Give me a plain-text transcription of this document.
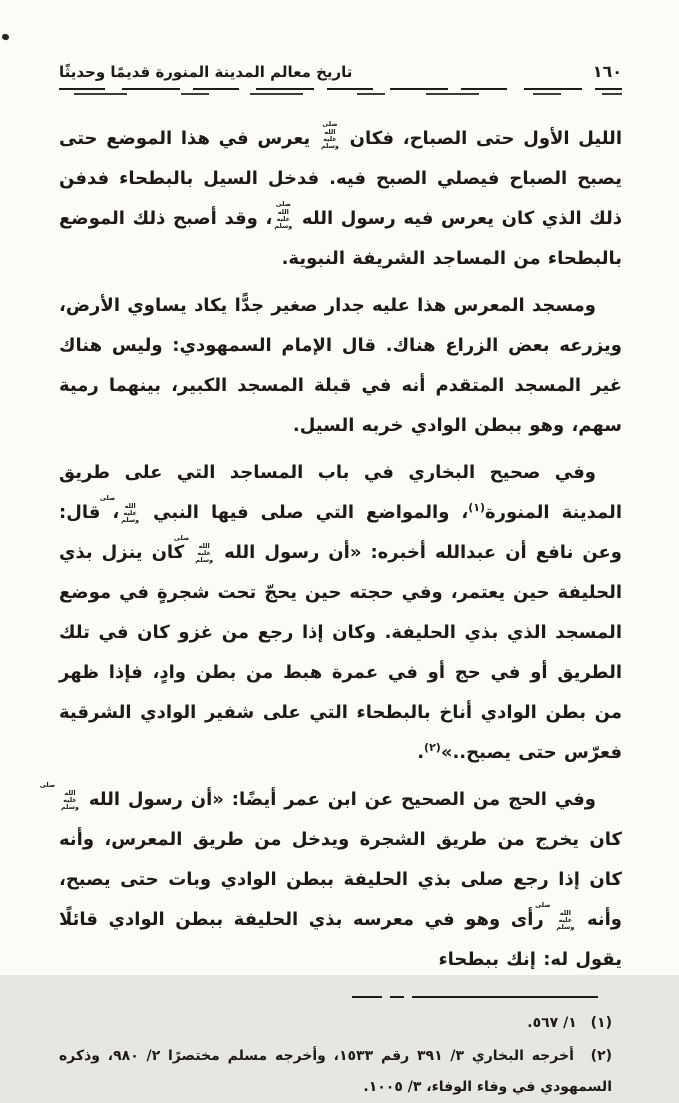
تاريخ معالم المدينة المنورة قديمًا وحديثًا	١٦٠

الليل الأول حتى الصباح، فكان صلى الله عليه وسلم يعرس في هذا الموضع حتى يصبح الصباح فيصلي الصبح فيه. فدخل السيل بالبطحاء فدفن ذلك الذي كان يعرس فيه رسول الله صلى الله عليه وسلم، وقد أصبح ذلك الموضع بالبطحاء من المساجد الشريفة النبوية.

ومسجد المعرس هذا عليه جدار صغير جدًّا يكاد يساوي الأرض، ويزرعه بعض الزراع هناك. قال الإمام السمهودي: وليس هناك غير المسجد المتقدم أنه في قبلة المسجد الكبير، بينهما رمية سهم، وهو ببطن الوادي خربه السيل.

وفي صحيح البخاري في باب المساجد التي على طريق المدينة المنورة$^{(١)}$، والمواضع التي صلى فيها النبي صلى الله عليه وسلم، قال: وعن نافع أن عبدالله أخبره: «أن رسول الله صلى الله عليه وسلم كان ينزل بذي الحليفة حين يعتمر، وفي حجته حين يحجّ تحت شجرةٍ في موضع المسجد الذي بذي الحليفة. وكان إذا رجع من غزو كان في تلك الطريق أو في حج أو في عمرة هبط من بطن وادٍ، فإذا ظهر من بطن الوادي أناخ بالبطحاء التي على شفير الوادي الشرقية فعرّس حتى يصبح..»$^{(٢)}$.

وفي الحج من الصحيح عن ابن عمر أيضًا: «أن رسول الله صلى الله عليه وسلم كان يخرج من طريق الشجرة ويدخل من طريق المعرس، وأنه كان إذا رجع صلى بذي الحليفة ببطن الوادي وبات حتى يصبح، وأنه صلى الله عليه وسلم رأى وهو في معرسه بذي الحليفة ببطن الوادي قائلًا يقول له: إنك ببطحاء

(١) ١/ ٥٦٧.
(٢) أخرجه البخاري ٣/ ٣٩١ رقم ١٥٣٣، وأخرجه مسلم مختصرًا ٢/ ٩٨٠، وذكره السمهودي في وفاء الوفاء، ٣/ ١٠٠٥.
